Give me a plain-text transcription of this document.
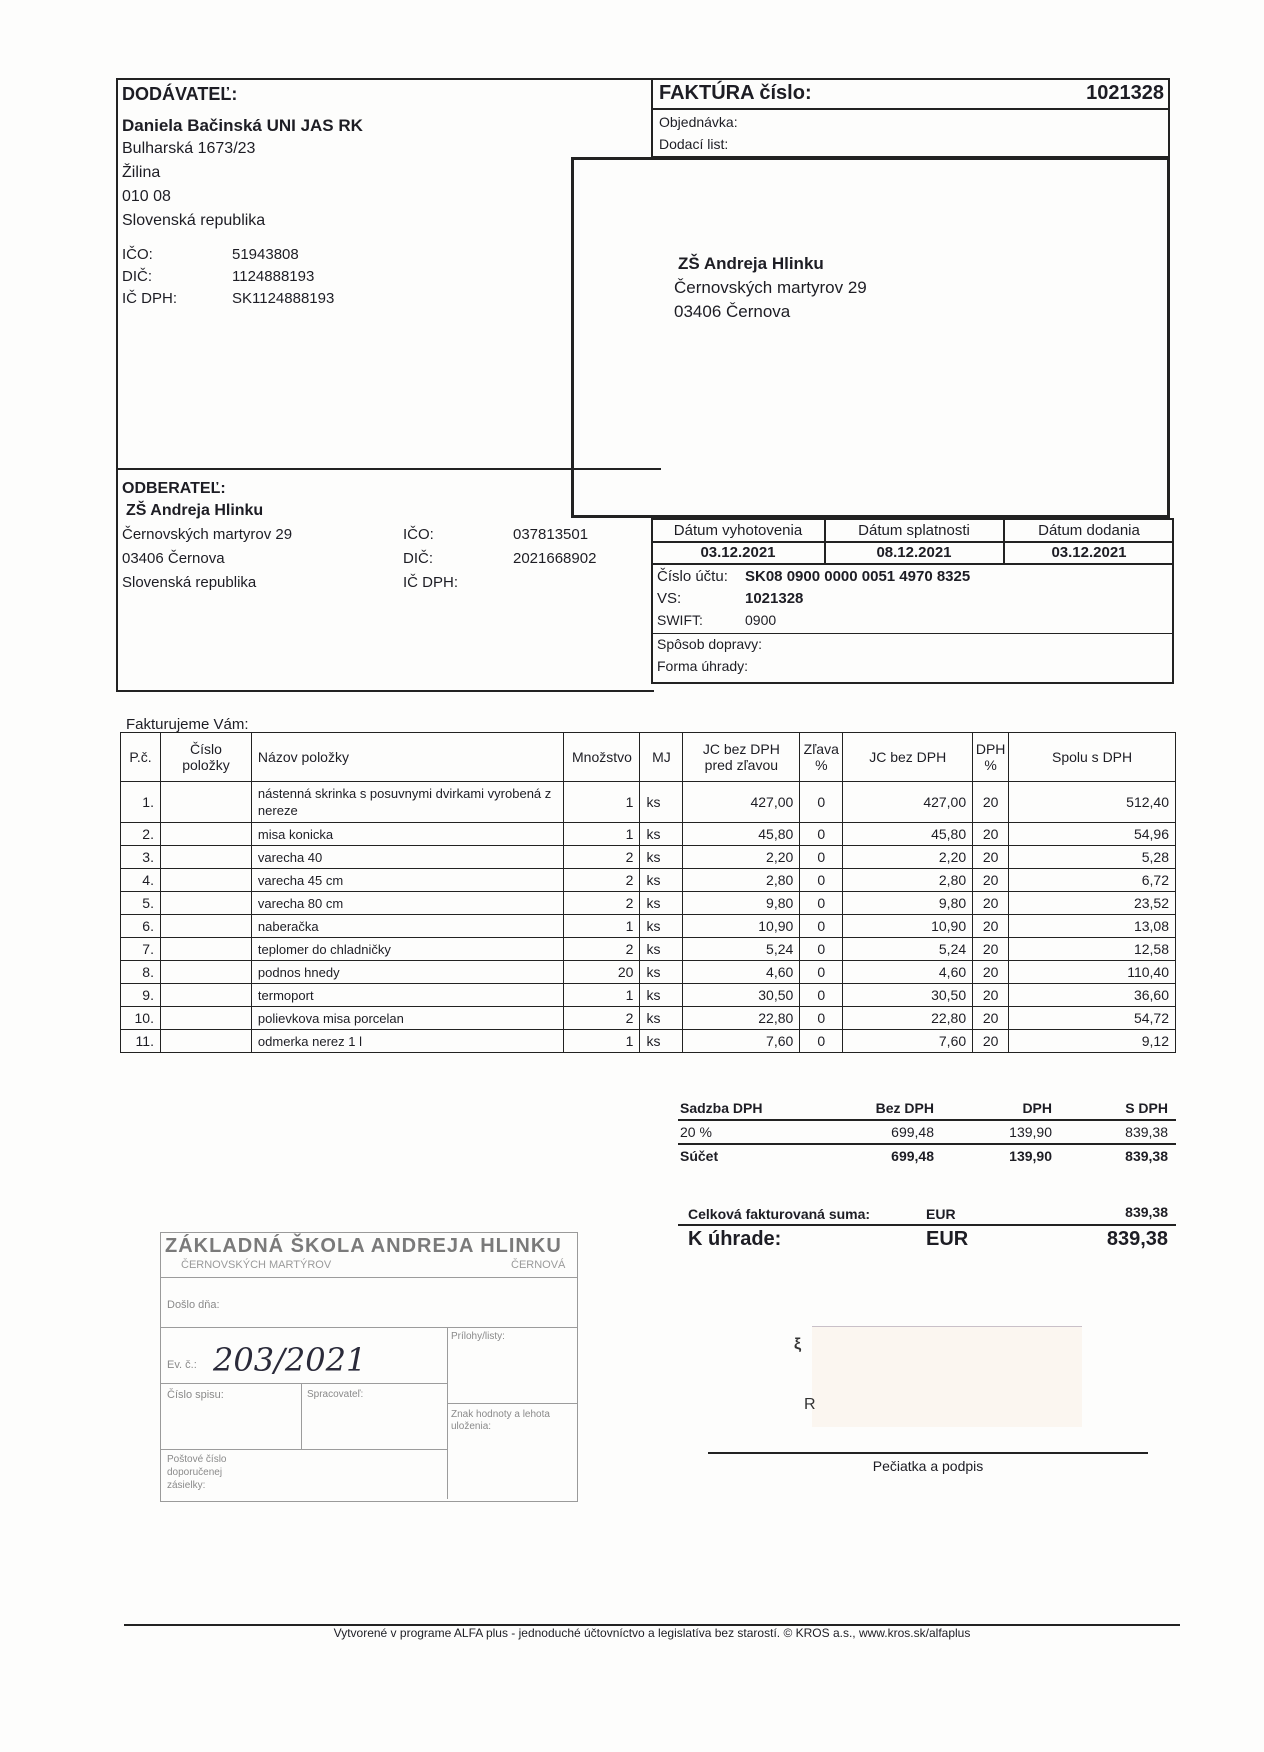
DODÁVATEĽ:
Daniela Bačinská UNI JAS RK
Bulharská 1673/23
Žilina
010 08
Slovenská republika
IČO:	51943808
DIČ:	1124888193
IČ DPH:	SK1124888193
FAKTÚRA číslo:	1021328
Objednávka:
Dodací list:
ZŠ Andreja Hlinku
Černovských martyrov 29
03406 Černova
ODBERATEĽ:
ZŠ Andreja Hlinku
Černovských martyrov 29
03406 Černova
Slovenská republika
IČO:	037813501
DIČ:	2021668902
IČ DPH:
Dátum vyhotovenia	Dátum splatnosti	Dátum dodania
03.12.2021	08.12.2021	03.12.2021
Číslo účtu: SK08 0900 0000 0051 4970 8325
VS:	1021328
SWIFT:	0900
Spôsob dopravy:
Forma úhrady:
Fakturujeme Vám:
P.č.	Číslo položky	Názov položky	Množstvo	MJ	JC bez DPH pred zľavou	Zľava %	JC bez DPH	DPH %	Spolu s DPH
1.		nástenná skrinka s posuvnymi dvirkami vyrobená z nereze	1	ks	427,00	0	427,00	20	512,40
2.		misa konicka	1	ks	45,80	0	45,80	20	54,96
3.		varecha 40	2	ks	2,20	0	2,20	20	5,28
4.		varecha 45 cm	2	ks	2,80	0	2,80	20	6,72
5.		varecha 80 cm	2	ks	9,80	0	9,80	20	23,52
6.		naberačka	1	ks	10,90	0	10,90	20	13,08
7.		teplomer do chladničky	2	ks	5,24	0	5,24	20	12,58
8.		podnos hnedy	20	ks	4,60	0	4,60	20	110,40
9.		termoport	1	ks	30,50	0	30,50	20	36,60
10.		polievkova misa porcelan	2	ks	22,80	0	22,80	20	54,72
11.		odmerka nerez 1 l	1	ks	7,60	0	7,60	20	9,12
Sadzba DPH	Bez DPH	DPH	S DPH
20 %	699,48	139,90	839,38
Súčet	699,48	139,90	839,38
Celková fakturovaná suma:	EUR	839,38
K úhrade:	EUR	839,38
ZÁKLADNÁ ŠKOLA ANDREJA HLINKU
ČERNOVSKÝCH MARTÝROV	ČERNOVÁ
Došlo dňa:
Ev. č.: 203/2021
Prílohy/listy:
Číslo spisu:	Spracovateľ:
Znak hodnoty a lehota uloženia:
Poštové číslo
doporučenej
zásielky:
ξ
R
Pečiatka a podpis
Vytvorené v programe ALFA plus - jednoduché účtovníctvo a legislatíva bez starostí. © KROS a.s., www.kros.sk/alfaplus
